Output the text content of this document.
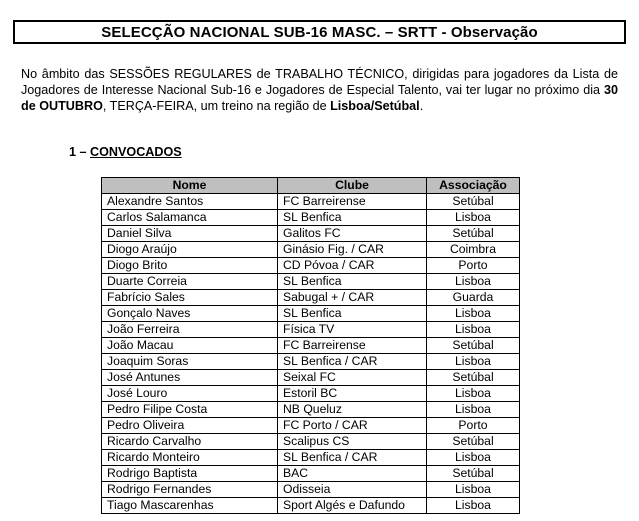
SELECÇÃO NACIONAL SUB-16 MASC. – SRTT - Observação
No âmbito das SESSÕES REGULARES de TRABALHO TÉCNICO, dirigidas para jogadores da Lista de Jogadores de Interesse Nacional Sub-16 e Jogadores de Especial Talento, vai ter lugar no próximo dia 30 de OUTUBRO, TERÇA-FEIRA, um treino na região de Lisboa/Setúbal.
1 – CONVOCADOS
Nome	Clube	Associação
Alexandre Santos	FC Barreirense	Setúbal
Carlos Salamanca	SL Benfica	Lisboa
Daniel Silva	Galitos FC	Setúbal
Diogo Araújo	Ginásio Fig. / CAR	Coimbra
Diogo Brito	CD Póvoa / CAR	Porto
Duarte Correia	SL Benfica	Lisboa
Fabrício Sales	Sabugal + / CAR	Guarda
Gonçalo Naves	SL Benfica	Lisboa
João Ferreira	Física TV	Lisboa
João Macau	FC Barreirense	Setúbal
Joaquim Soras	SL Benfica / CAR	Lisboa
José Antunes	Seixal FC	Setúbal
José Louro	Estoril BC	Lisboa
Pedro Filipe Costa	NB Queluz	Lisboa
Pedro Oliveira	FC Porto / CAR	Porto
Ricardo Carvalho	Scalipus CS	Setúbal
Ricardo Monteiro	SL Benfica / CAR	Lisboa
Rodrigo Baptista	BAC	Setúbal
Rodrigo Fernandes	Odisseia	Lisboa
Tiago Mascarenhas	Sport Algés e Dafundo	Lisboa
